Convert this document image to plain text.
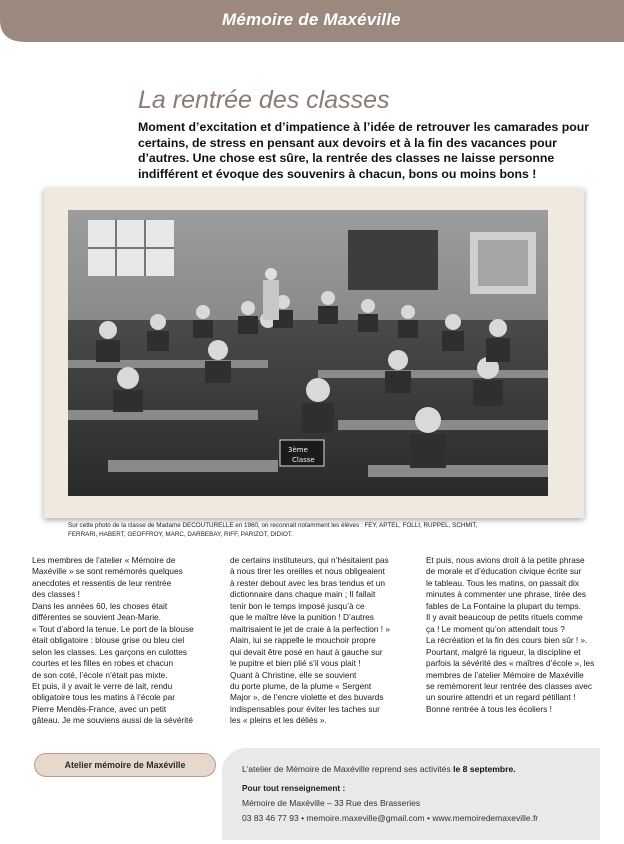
Mémoire de Maxéville
La rentrée des classes
Moment d’excitation et d’impatience à l’idée de retrouver les camarades pour certains, de stress en pensant aux devoirs et à la fin des vacances pour d’autres. Une chose est sûre, la rentrée des classes ne laisse personne indifférent et évoque des souvenirs à chacun, bons ou moins bons !
3ème
Classe
Sur cette photo de la classe de Madame DECOUTURELLE en 1960, on reconnait notamment les élèves : FEY, APTEL, FOLLI, RUPPEL, SCHMIT,
FERRARI, HABERT, GEOFFROY, MARC, DARBEBAY, RIFF, PARIZOT, DIDIOT.

Les membres de l’atelier « Mémoire de

Maxéville » se sont remémorés quelques

anecdotes et ressentis de leur rentrée

des classes !

Dans les années 60, les choses était

différentes se souvient Jean-Marie.

« Tout d’abord la tenue. Le port de la blouse

était obligatoire : blouse grise ou bleu ciel

selon les classes. Les garçons en culottes

courtes et les filles en robes et chacun

de son coté, l’école n’était pas mixte.

Et puis, il y avait le verre de lait, rendu

obligatoire tous les matins à l’école par

Pierre Mendès-France, avec un petit

gâteau. Je me souviens aussi de la sévérité

de certains instituteurs, qui n’hésitaient pas

à nous tirer les oreilles et nous obligeaient

à rester debout avec les bras tendus et un

dictionnaire dans chaque main ; Il fallait

tenir bon le temps imposé jusqu’à ce

que le maître lève la punition ! D’autres

maitrisaient le jet de craie à la perfection ! »

Alain, lui se rappelle le mouchoir propre

qui devait être posé en haut à gauche sur

le pupitre et bien plié s’il vous plait !

Quant à Christine, elle se souvient

du porte plume, de la plume « Sergent

Major », de l’encre violette et des buvards

indispensables pour éviter les taches sur

les « pleins et les déliés ».

Et puis, nous avions droit à la petite phrase

de morale et d’éducation civique écrite sur

le tableau. Tous les matins, on passait dix

minutes à commenter une phrase, tirée des

fables de La Fontaine la plupart du temps.

Il y avait beaucoup de petits rituels comme

ça ! Le moment qu’on attendait tous ?

La récréation et la fin des cours bien sûr ! ».

Pourtant, malgré la rigueur, la discipline et

parfois la sévérité des « maîtres d’école », les

membres de l’atelier Mémoire de Maxéville

se remémorent leur rentrée des classes avec

un sourire attendri et un regard pétillant !

Bonne rentrée à tous les écoliers !

Atelier mémoire de Maxéville	L’atelier de Mémoire de Maxéville reprend ses activités le 8 septembre.
Pour tout renseignement :
Mémoire de Maxéville – 33 Rue des Brasseries
03 83 46 77 93 • memoire.maxeville@gmail.com • www.memoiredemaxeville.fr
